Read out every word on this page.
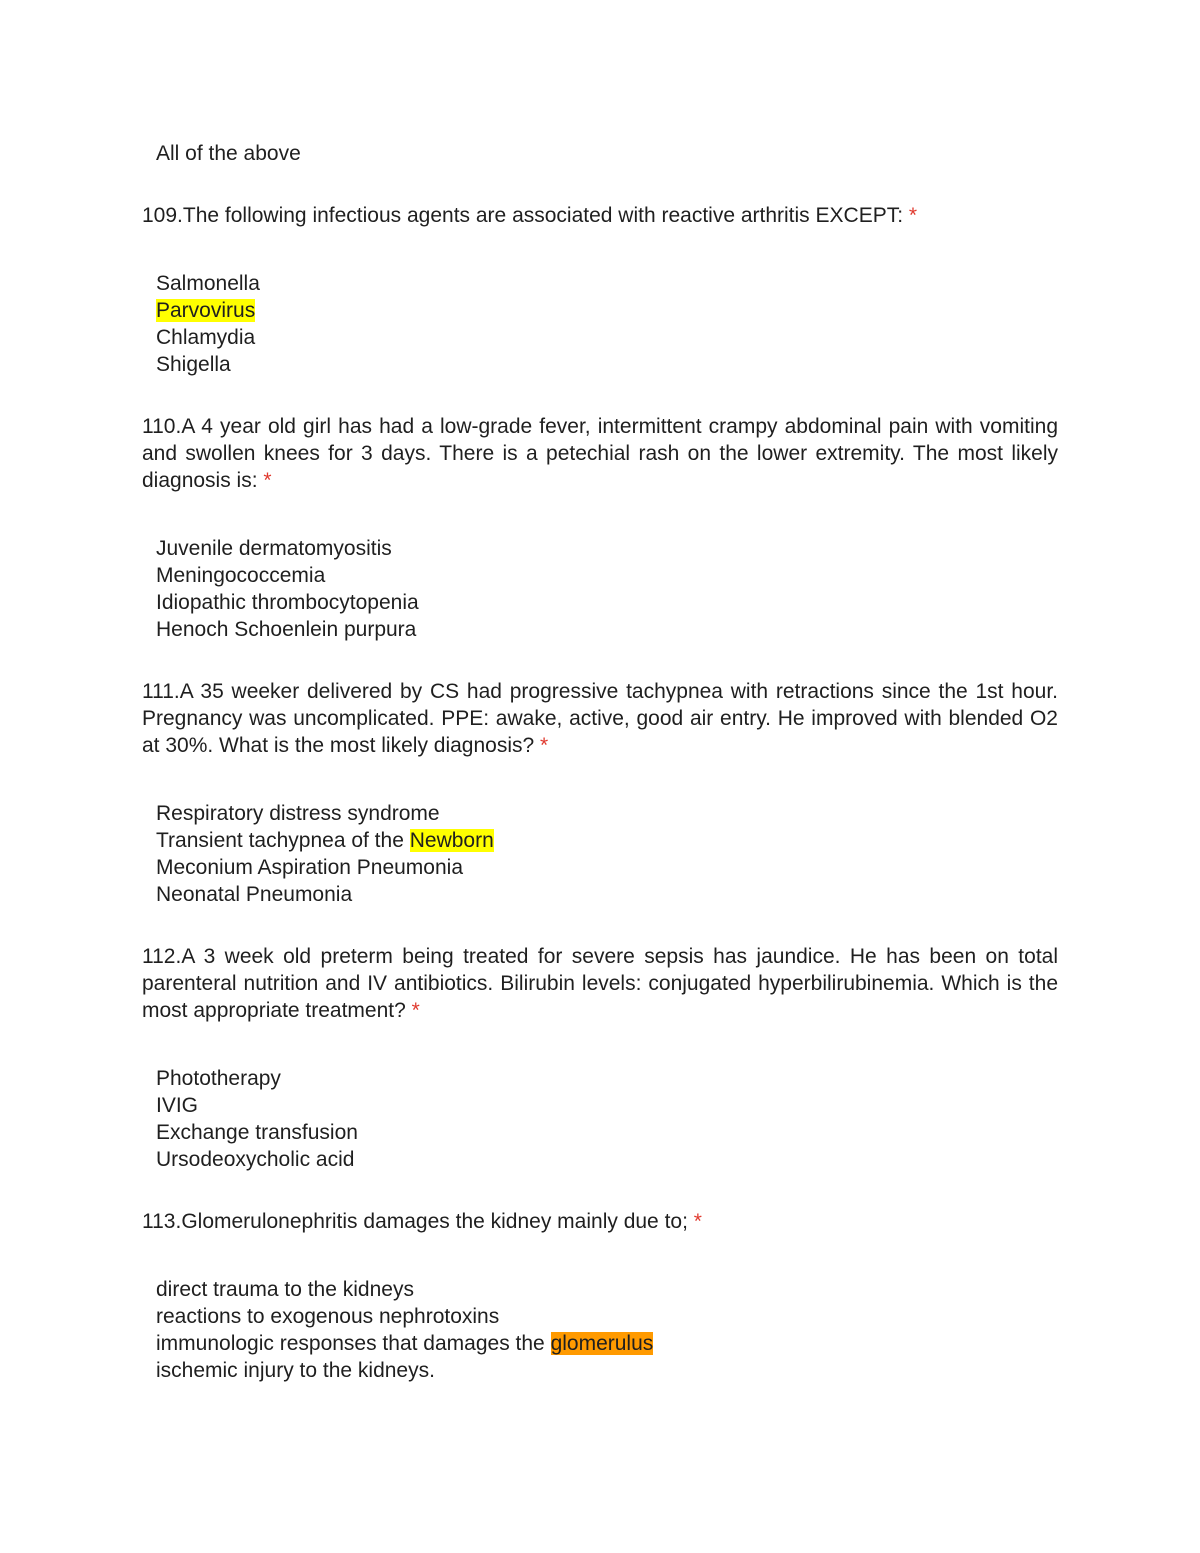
All of the above
109.The following infectious agents are associated with reactive arthritis EXCEPT: *
Salmonella
Parvovirus
Chlamydia
Shigella
110.A 4 year old girl has had a low-grade fever, intermittent crampy abdominal pain with vomiting and swollen knees for 3 days. There is a petechial rash on the lower extremity. The most likely diagnosis is: *
Juvenile dermatomyositis
Meningococcemia
Idiopathic thrombocytopenia
Henoch Schoenlein purpura
111.A 35 weeker delivered by CS had progressive tachypnea with retractions since the 1st hour. Pregnancy was uncomplicated. PPE: awake, active, good air entry. He improved with blended O2 at 30%. What is the most likely diagnosis? *
Respiratory distress syndrome
Transient tachypnea of the Newborn
Meconium Aspiration Pneumonia
Neonatal Pneumonia
112.A 3 week old preterm being treated for severe sepsis has jaundice. He has been on total parenteral nutrition and IV antibiotics. Bilirubin levels: conjugated hyperbilirubinemia. Which is the most appropriate treatment? *
Phototherapy
IVIG
Exchange transfusion
Ursodeoxycholic acid
113.Glomerulonephritis damages the kidney mainly due to; *
direct trauma to the kidneys
reactions to exogenous nephrotoxins
immunologic responses that damages the glomerulus
ischemic injury to the kidneys.
